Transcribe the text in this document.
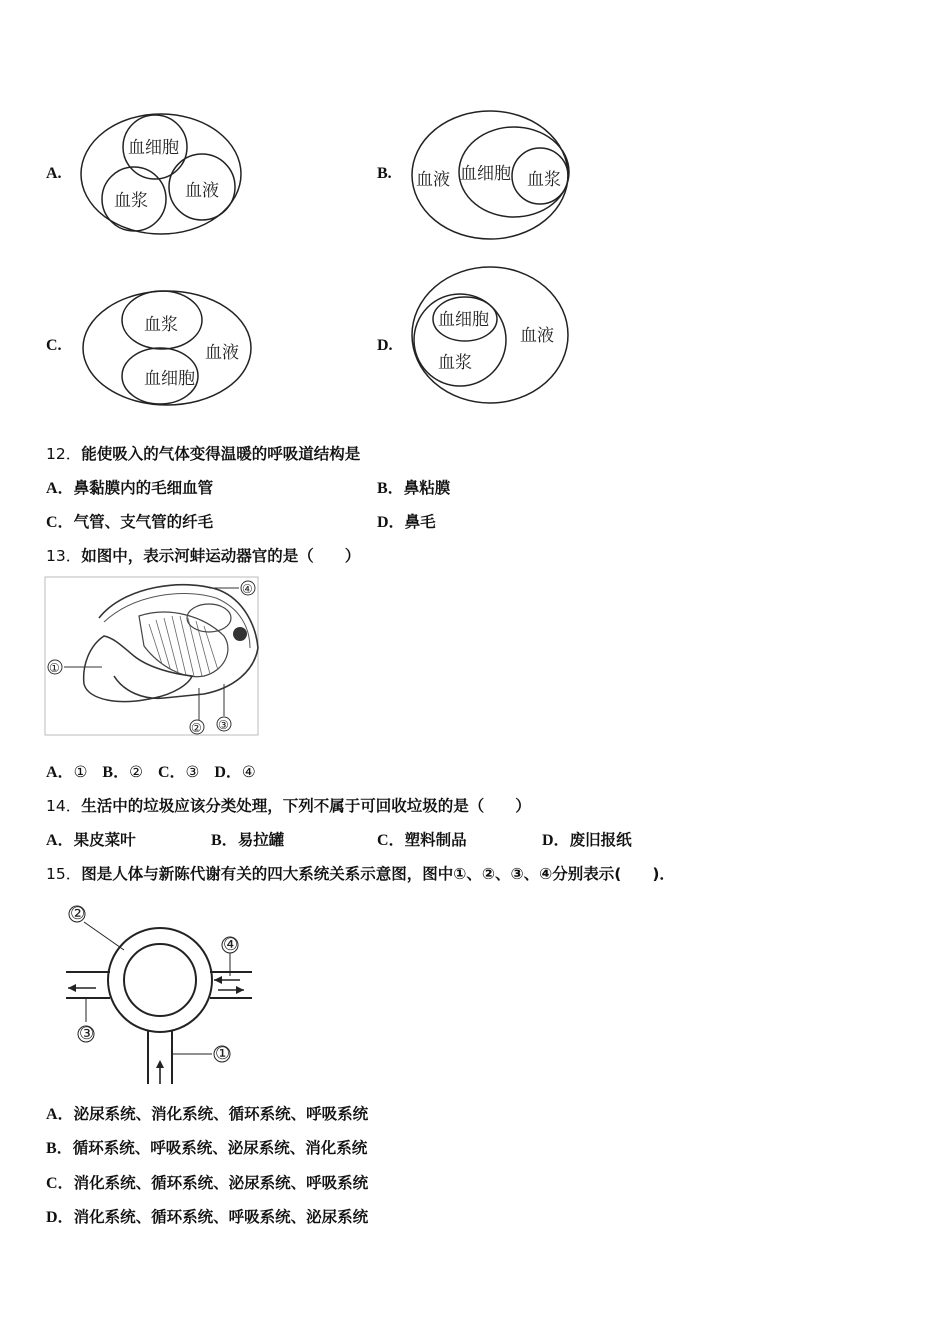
A.
血细胞
血浆 血液
B. 血液 血细胞 血浆
C.
血浆
血液
血细胞
D.
血细胞
血液
血浆
12．能使吸入的气体变得温暖的呼吸道结构是
A．鼻黏膜内的毛细血管	B．鼻粘膜
C．气管、支气管的纤毛	D．鼻毛
13．如图中，表示河蚌运动器官的是（　　）
①
② ③
④
A．① B．② C．③ D．④
14．生活中的垃圾应该分类处理，下列不属于可回收垃圾的是（　　）
A．果皮菜叶	B．易拉罐	C．塑料制品	D．废旧报纸
15．图是人体与新陈代谢有关的四大系统关系示意图，图中①、②、③、④分别表示(　　)．
②
④
③
①
A．泌尿系统、消化系统、循环系统、呼吸系统
B．循环系统、呼吸系统、泌尿系统、消化系统
C．消化系统、循环系统、泌尿系统、呼吸系统
D．消化系统、循环系统、呼吸系统、泌尿系统
